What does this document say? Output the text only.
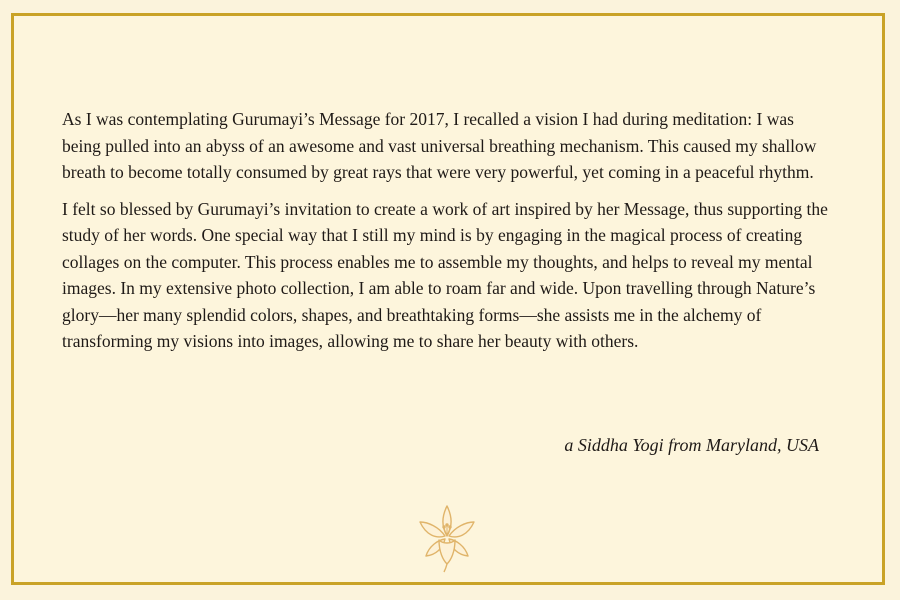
As I was contemplating Gurumayi’s Message for 2017, I recalled a vision I had during meditation: I was being pulled into an abyss of an awesome and vast universal breathing mechanism. This caused my shallow breath to become totally consumed by great rays that were very powerful, yet coming in a peaceful rhythm.

I felt so blessed by Gurumayi’s invitation to create a work of art inspired by her Message, thus supporting the study of her words. One special way that I still my mind is by engaging in the magical process of creating collages on the computer. This process enables me to assemble my thoughts, and helps to reveal my mental images. In my extensive photo collection, I am able to roam far and wide. Upon travelling through Nature’s glory—her many splendid colors, shapes, and breathtaking forms—she assists me in the alchemy of transforming my visions into images, allowing me to share her beauty with others.

a Siddha Yogi from Maryland, USA
